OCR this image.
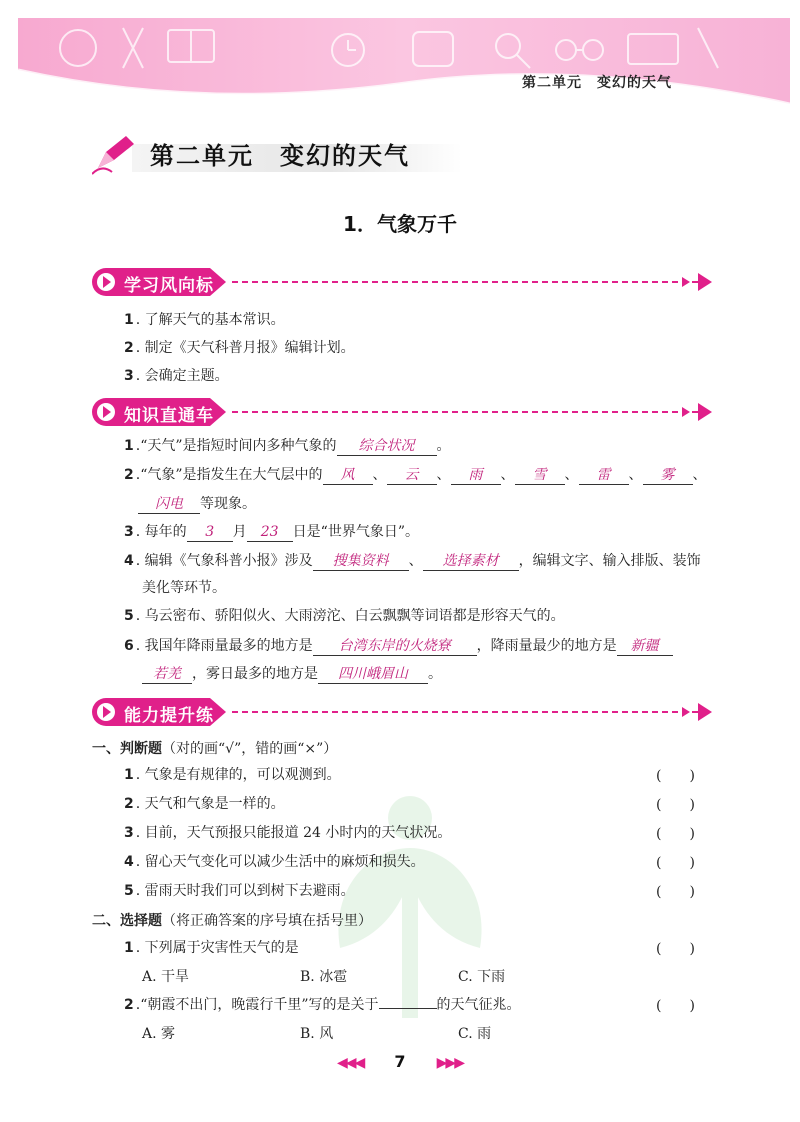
第二单元　变幻的天气
第二单元　变幻的天气
1．气象万千
学习风向标
1 . 了解天气的基本常识。
2 . 制定《天气科普月报》编辑计划。
3 . 会确定主题。
知识直通车
1 .“天气”是指短时间内多种气象的 综合状况 。
2 .“气象”是指发生在大气层中的 风 、 云 、 雨 、 雪 、 雷 、 雾 、
闪电 等现象。
3 . 每年的 3 月 23 日是“世界气象日”。
4 . 编辑《气象科普小报》涉及 搜集资料 、 选择素材 ，编辑文字、输入排版、装饰
美化等环节。
5 . 乌云密布、骄阳似火、大雨滂沱、白云飘飘等词语都是形容天气的。
6 . 我国年降雨量最多的地方是 台湾东岸的火烧寮 ，降雨量最少的地方是 新疆
若羌 ，雾日最多的地方是 四川峨眉山 。
能力提升练
一、判断题（对的画“√”，错的画“×”）
1 . 气象是有规律的，可以观测到。	(　　)
2 . 天气和气象是一样的。	(　　)
3 . 目前，天气预报只能报道 24 小时内的天气状况。	(　　)
4 . 留心天气变化可以减少生活中的麻烦和损失。	(　　)
5 . 雷雨天时我们可以到树下去避雨。	(　　)
二、选择题（将正确答案的序号填在括号里）
1 . 下列属于灾害性天气的是	(　　)
A. 干旱	B. 冰雹	C. 下雨
2 .“朝霞不出门，晚霞行千里”写的是关于	的天气征兆。	(　　)
A. 雾	B. 风	C. 雨
◀◀◀ 7 ▶▶▶
